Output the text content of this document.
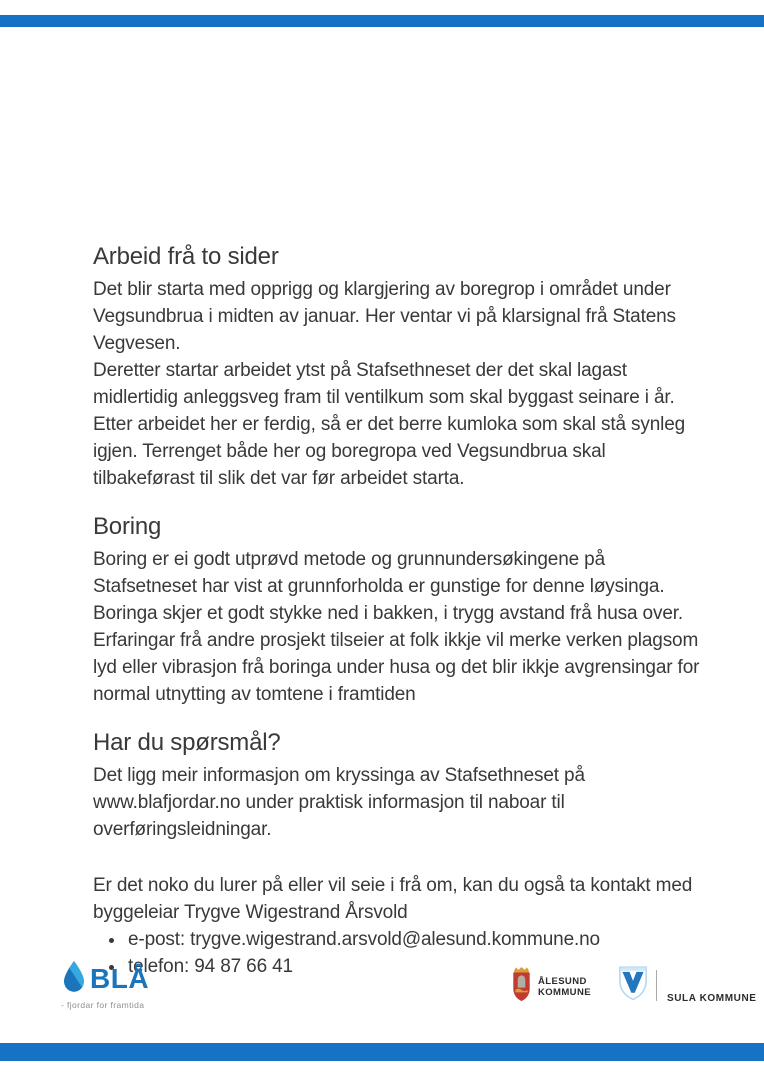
Arbeid frå to sider

Det blir starta med opprigg og klargjering av boregrop i området under Vegsundbrua i midten av januar. Her ventar vi på klarsignal frå Statens Vegvesen.

Deretter startar arbeidet ytst på Stafsethneset der det skal lagast midlertidig anleggsveg fram til ventilkum som skal byggast seinare i år. Etter arbeidet her er ferdig, så er det berre kumloka som skal stå synleg igjen. Terrenget både her og boregropa ved Vegsundbrua skal tilbakeførast til slik det var før arbeidet starta.

Boring

Boring er ei godt utprøvd metode og grunnundersøkingene på Stafsetneset har vist at grunnforholda er gunstige for denne løysinga. Boringa skjer et godt stykke ned i bakken, i trygg avstand frå husa over. Erfaringar frå andre prosjekt tilseier at folk ikkje vil merke verken plagsom lyd eller vibrasjon frå boringa under husa og det blir ikkje avgrensingar for normal utnytting av tomtene i framtiden

Har du spørsmål?

Det ligg meir informasjon om kryssinga av Stafsethneset på www.blafjordar.no under praktisk informasjon til naboar til overføringsleidningar.

Er det noko du lurer på eller vil seie i frå om, kan du også ta kontakt med byggeleiar Trygve Wigestrand Årsvold

• e-post: trygve.wigestrand.arsvold@alesund.kommune.no
• telefon: 94 87 66 41
BLÅ
- fjordar for framtida
ÅLESUND
KOMMUNE
SULA KOMMUNE
